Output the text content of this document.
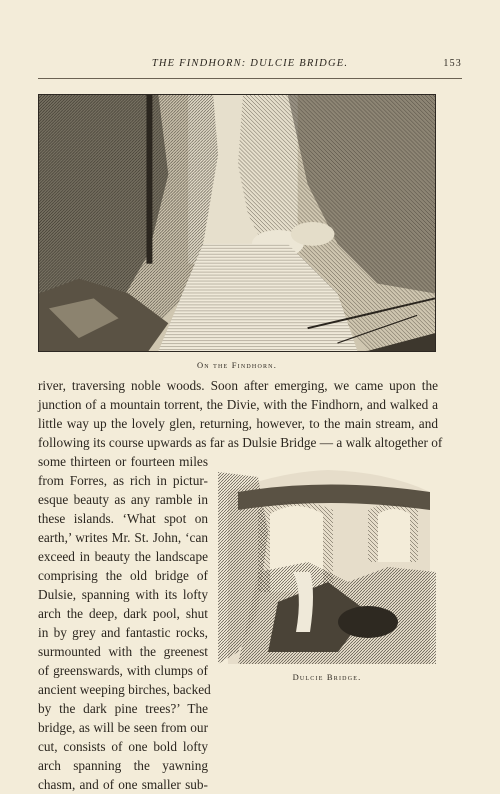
THE FINDHORN: DULCIE BRIDGE.	153
On the Findhorn.
river, traversing noble woods. Soon after emerging, we came upon the
junction of a mountain torrent, the Divie, with the Findhorn, and walked a
little way up the lovely glen, returning, however, to the main stream, and
following its course upwards as far as Dulsie Bridge — a walk altogether of
some thirteen or fourteen miles
from Forres, as rich in pictur-
esque beauty as any ramble in
these islands. ‘What spot on
earth,’ writes Mr. St. John, ‘can
exceed in beauty the landscape
comprising the old bridge of
Dulsie, spanning with its lofty
arch the deep, dark pool, shut
in by grey and fantastic rocks,
surmounted with the greenest
of greenswards, with clumps of
ancient weeping birches, backed
by the dark pine trees?’ The
bridge, as will be seen from our
cut, consists of one bold lofty
arch spanning the yawning
chasm, and of one smaller sub-
Dulcie Bridge.
